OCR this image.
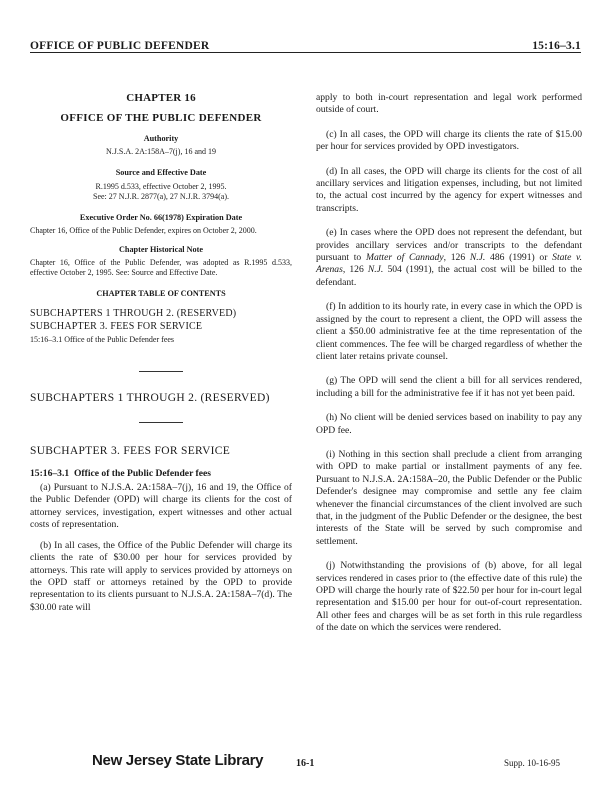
OFFICE OF PUBLIC DEFENDER	15:16–3.1
CHAPTER 16
OFFICE OF THE PUBLIC DEFENDER
Authority
N.J.S.A. 2A:158A–7(j), 16 and 19
Source and Effective Date
R.1995 d.533, effective October 2, 1995.
See: 27 N.J.R. 2877(a), 27 N.J.R. 3794(a).
Executive Order No. 66(1978) Expiration Date
Chapter 16, Office of the Public Defender, expires on October 2, 2000.
Chapter Historical Note
Chapter 16, Office of the Public Defender, was adopted as R.1995 d.533, effective October 2, 1995. See: Source and Effective Date.
CHAPTER TABLE OF CONTENTS
SUBCHAPTERS 1 THROUGH 2. (RESERVED)
SUBCHAPTER 3. FEES FOR SERVICE
15:16–3.1 Office of the Public Defender fees
SUBCHAPTERS 1 THROUGH 2. (RESERVED)
SUBCHAPTER 3. FEES FOR SERVICE
15:16–3.1 Office of the Public Defender fees

(a) Pursuant to N.J.S.A. 2A:158A–7(j), 16 and 19, the Office of the Public Defender (OPD) will charge its clients for the cost of attorney services, investigation, expert witnesses and other actual costs of representation.

(b) In all cases, the Office of the Public Defender will charge its clients the rate of $30.00 per hour for services provided by attorneys. This rate will apply to services provided by attorneys on the OPD staff or attorneys retained by the OPD to provide representation to its clients pursuant to N.J.S.A. 2A:158A–7(d). The $30.00 rate will

apply to both in-court representation and legal work performed outside of court.

(c) In all cases, the OPD will charge its clients the rate of $15.00 per hour for services provided by OPD investigators.

(d) In all cases, the OPD will charge its clients for the cost of all ancillary services and litigation expenses, including, but not limited to, the actual cost incurred by the agency for expert witnesses and transcripts.

(e) In cases where the OPD does not represent the defendant, but provides ancillary services and/or transcripts to the defendant pursuant to Matter of Cannady, 126 N.J. 486 (1991) or State v. Arenas, 126 N.J. 504 (1991), the actual cost will be billed to the defendant.

(f) In addition to its hourly rate, in every case in which the OPD is assigned by the court to represent a client, the OPD will assess the client a $50.00 administrative fee at the time representation of the client commences. The fee will be charged regardless of whether the client later retains private counsel.

(g) The OPD will send the client a bill for all services rendered, including a bill for the administrative fee if it has not yet been paid.

(h) No client will be denied services based on inability to pay any OPD fee.

(i) Nothing in this section shall preclude a client from arranging with OPD to make partial or installment payments of any fee. Pursuant to N.J.S.A. 2A:158A–20, the Public Defender or the Public Defender's designee may compromise and settle any fee claim whenever the financial circumstances of the client involved are such that, in the judgment of the Public Defender or the designee, the best interests of the State will be served by such compromise and settlement.

(j) Notwithstanding the provisions of (b) above, for all legal services rendered in cases prior to (the effective date of this rule) the OPD will charge the hourly rate of $22.50 per hour for in-court legal representation and $15.00 per hour for out-of-court representation. All other fees and charges will be as set forth in this rule regardless of the date on which the services were rendered.

New Jersey State Library	16-1	Supp. 10-16-95
